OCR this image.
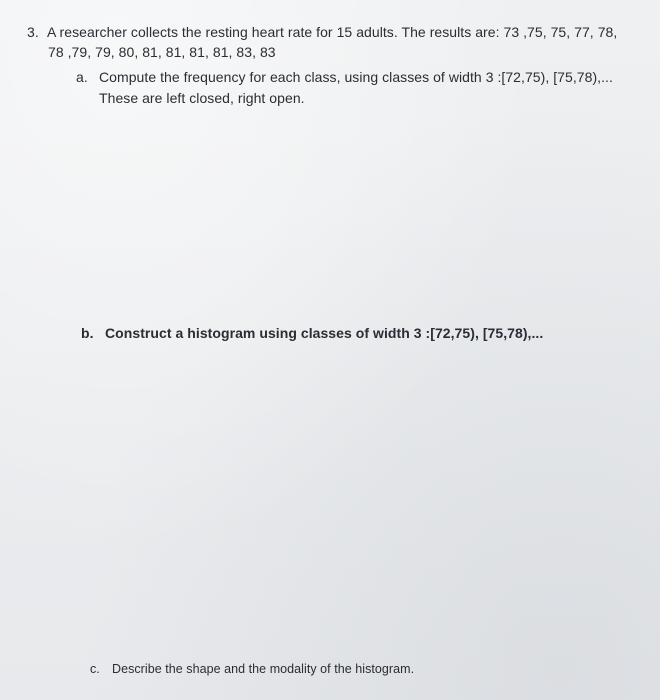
3. A researcher collects the resting heart rate for 15 adults. The results are: 73 ,75, 75, 77, 78,
78 ,79, 79, 80, 81, 81, 81, 81, 83, 83
a. Compute the frequency for each class, using classes of width 3 :[72,75), [75,78),...
These are left closed, right open.
b. Construct a histogram using classes of width 3 :[72,75), [75,78),...
c. Describe the shape and the modality of the histogram.
